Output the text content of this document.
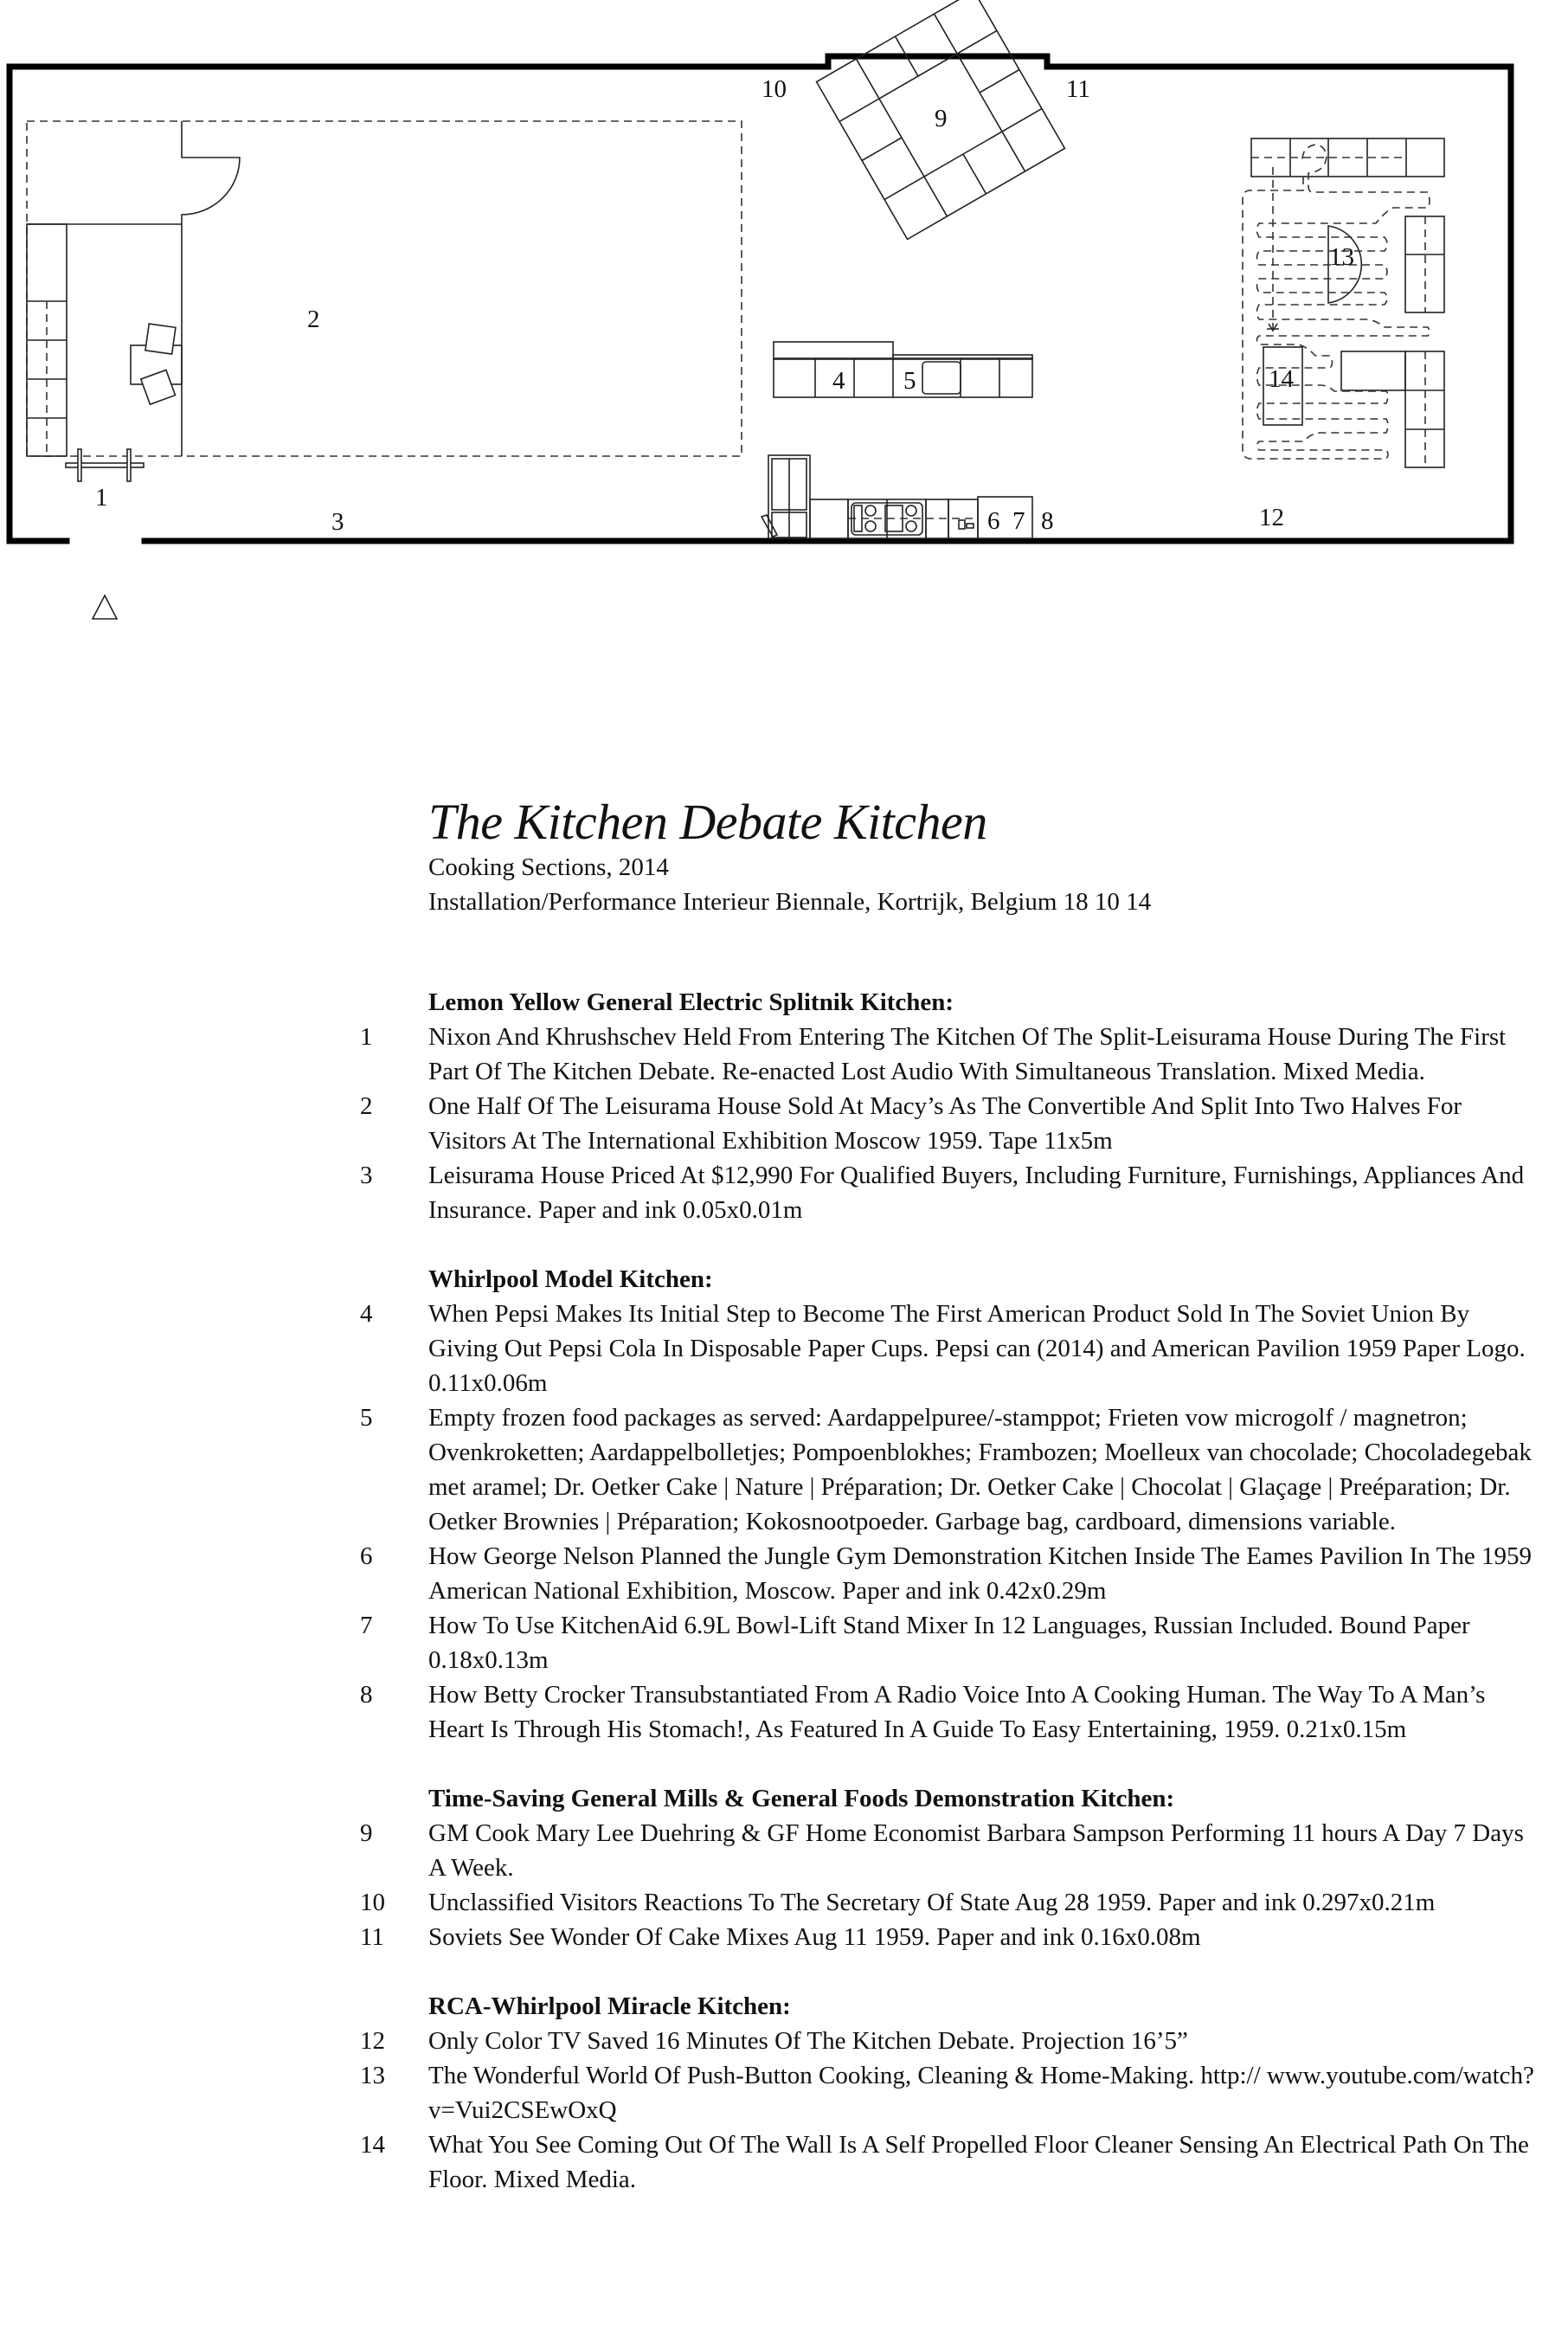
1
2
3
4 5
6 7 8
9
10	11
12
13
14
The Kitchen Debate Kitchen
Cooking Sections, 2014
Installation/Performance Interieur Biennale, Kortrijk, Belgium 18 10 14
Lemon Yellow General Electric Splitnik Kitchen:
1	Nixon And Khrushschev Held From Entering The Kitchen Of The Split-Leisurama House During The First Part Of The Kitchen Debate. Re-enacted Lost Audio With Simultaneous Translation. Mixed Media.
2	One Half Of The Leisurama House Sold At Macy’s As The Convertible And Split Into Two Halves For Visitors At The International Exhibition Moscow 1959. Tape 11x5m
3	Leisurama House Priced At $12,990 For Qualified Buyers, Including Furniture, Furnishings, Appliances And Insurance. Paper and ink 0.05x0.01m
Whirlpool Model Kitchen:
4	When Pepsi Makes Its Initial Step to Become The First American Product Sold In The Soviet Union By Giving Out Pepsi Cola In Disposable Paper Cups. Pepsi can (2014) and American Pavilion 1959 Paper Logo. 0.11x0.06m
5	Empty frozen food packages as served: Aardappelpuree/-stamppot; Frieten vow microgolf / magnetron; Ovenkroketten; Aardappelbolletjes; Pompoenblokhes; Frambozen; Moelleux van chocolade; Chocoladegebak met aramel; Dr. Oetker Cake | Nature | Préparation; Dr. Oetker Cake | Chocolat | Glaçage | Preéparation; Dr. Oetker Brownies | Préparation; Kokosnootpoeder. Garbage bag, cardboard, dimensions variable.
6	How George Nelson Planned the Jungle Gym Demonstration Kitchen Inside The Eames Pavilion In The 1959 American National Exhibition, Moscow. Paper and ink 0.42x0.29m
7	How To Use KitchenAid 6.9L Bowl-Lift Stand Mixer In 12 Languages, Russian Included. Bound Paper 0.18x0.13m
8	How Betty Crocker Transubstantiated From A Radio Voice Into A Cooking Human. The Way To A Man’s Heart Is Through His Stomach!, As Featured In A Guide To Easy Entertaining, 1959. 0.21x0.15m
Time-Saving General Mills & General Foods Demonstration Kitchen:
9	GM Cook Mary Lee Duehring & GF Home Economist Barbara Sampson Performing 11 hours A Day 7 Days A Week.
10	Unclassified Visitors Reactions To The Secretary Of State Aug 28 1959. Paper and ink 0.297x0.21m
11	Soviets See Wonder Of Cake Mixes Aug 11 1959. Paper and ink 0.16x0.08m
RCA-Whirlpool Miracle Kitchen:
12	Only Color TV Saved 16 Minutes Of The Kitchen Debate. Projection 16’5”
13	The Wonderful World Of Push-Button Cooking, Cleaning & Home-Making. http:// www.youtube.com/watch?v=Vui2CSEwOxQ
14	What You See Coming Out Of The Wall Is A Self Propelled Floor Cleaner Sensing An Electrical Path On The Floor. Mixed Media.
